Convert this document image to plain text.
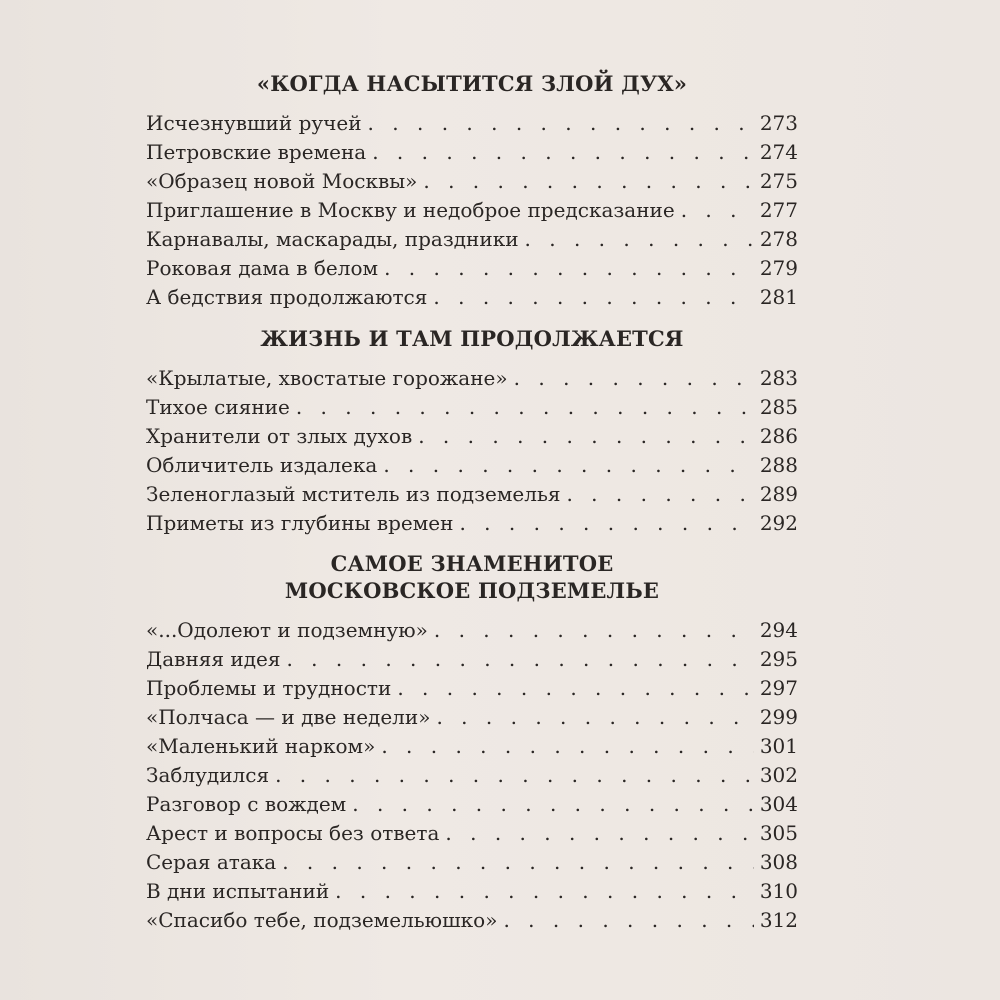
«КОГДА НАСЫТИТСЯ ЗЛОЙ ДУХ»
Исчезнувший ручей . . .	273
Петровские времена . . .	274
«Образец новой Москвы» . . .	275
Приглашение в Москву и недоброе предсказание . . .	277
Карнавалы, маскарады, праздники . . .	278
Роковая дама в белом . . .	279
А бедствия продолжаются . . .	281
ЖИЗНЬ И ТАМ ПРОДОЛЖАЕТСЯ
«Крылатые, хвостатые горожане» . . .	283
Тихое сияние . . .	285
Хранители от злых духов . . .	286
Обличитель издалека . . .	288
Зеленоглазый мститель из подземелья . . .	289
Приметы из глубины времен . . .	292
САМОЕ ЗНАМЕНИТОЕ
МОСКОВСКОЕ ПОДЗЕМЕЛЬЕ
«...Одолеют и подземную» . . .	294
Давняя идея . . .	295
Проблемы и трудности . . .	297
«Полчаса — и две недели» . . .	299
«Маленький нарком» . . .	301
Заблудился . . .	302
Разговор с вождем . . .	304
Арест и вопросы без ответа . . .	305
Серая атака . . .	308
В дни испытаний . . .	310
«Спасибо тебе, подземельюшко» . . .	312
